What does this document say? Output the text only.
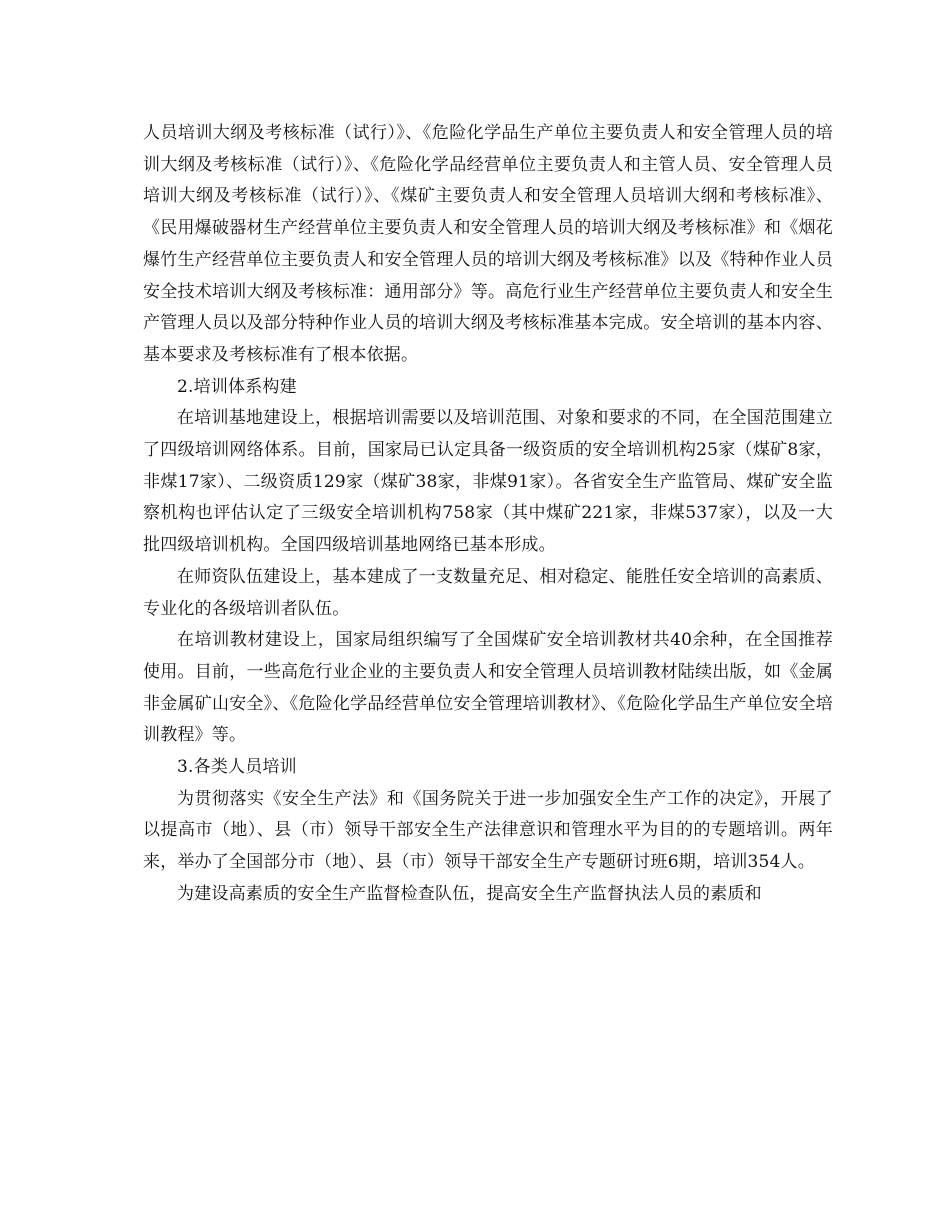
人员培训大纲及考核标准（试行）》、《危险化学品生产单位主要负责人和安全管理人员的培训大纲及考核标准（试行）》、《危险化学品经营单位主要负责人和主管人员、安全管理人员培训大纲及考核标准（试行）》、《煤矿主要负责人和安全管理人员培训大纲和考核标准》、《民用爆破器材生产经营单位主要负责人和安全管理人员的培训大纲及考核标准》和《烟花爆竹生产经营单位主要负责人和安全管理人员的培训大纲及考核标准》以及《特种作业人员安全技术培训大纲及考核标准：通用部分》等。高危行业生产经营单位主要负责人和安全生产管理人员以及部分特种作业人员的培训大纲及考核标准基本完成。安全培训的基本内容、基本要求及考核标准有了根本依据。

2.培训体系构建

在培训基地建设上，根据培训需要以及培训范围、对象和要求的不同，在全国范围建立了四级培训网络体系。目前，国家局已认定具备一级资质的安全培训机构25家（煤矿8家，非煤17家）、二级资质129家（煤矿38家，非煤91家）。各省安全生产监管局、煤矿安全监察机构也评估认定了三级安全培训机构758家（其中煤矿221家，非煤537家），以及一大批四级培训机构。全国四级培训基地网络已基本形成。

在师资队伍建设上，基本建成了一支数量充足、相对稳定、能胜任安全培训的高素质、专业化的各级培训者队伍。

在培训教材建设上，国家局组织编写了全国煤矿安全培训教材共40余种，在全国推荐使用。目前，一些高危行业企业的主要负责人和安全管理人员培训教材陆续出版，如《金属非金属矿山安全》、《危险化学品经营单位安全管理培训教材》、《危险化学品生产单位安全培训教程》等。

3.各类人员培训

为贯彻落实《安全生产法》和《国务院关于进一步加强安全生产工作的决定》，开展了以提高市（地）、县（市）领导干部安全生产法律意识和管理水平为目的的专题培训。两年来，举办了全国部分市（地）、县（市）领导干部安全生产专题研讨班6期，培训354人。

为建设高素质的安全生产监督检查队伍，提高安全生产监督执法人员的素质和
